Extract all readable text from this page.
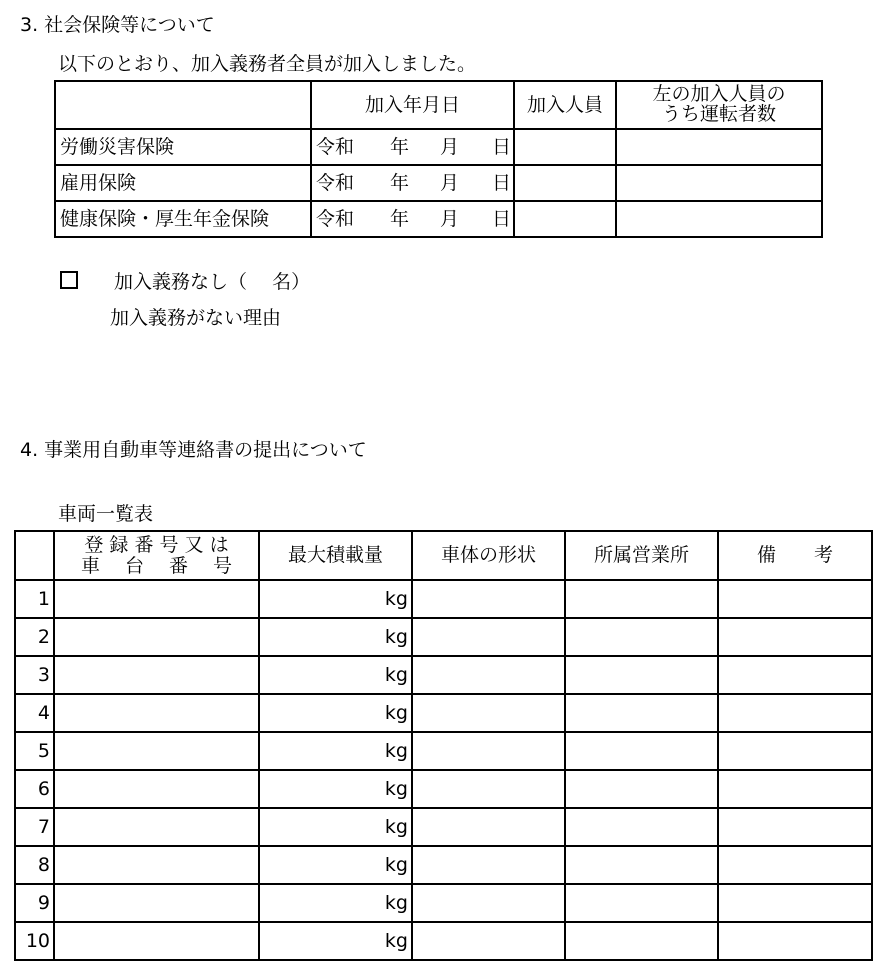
3. 社会保険等について
以下のとおり、加入義務者全員が加入しました。
	加入年月日	加入人員	左の加入人員の
うち運転者数

労働災害保険	令和 年 月 日		

雇用保険	令和 年 月 日		

健康保険・厚生年金保険	令和 年 月 日		

加入義務なし（　 名）
加入義務がない理由
4. 事業用自動車等連絡書の提出について
車両一覧表

	登 録 番 号 又 は
車　 台　 番　 号	最大積載量	車体の形状	所属営業所	備　　考
1		kg			
2		kg			
3		kg			
4		kg			
5		kg			
6		kg			
7		kg			
8		kg			
9		kg			
10		kg			
